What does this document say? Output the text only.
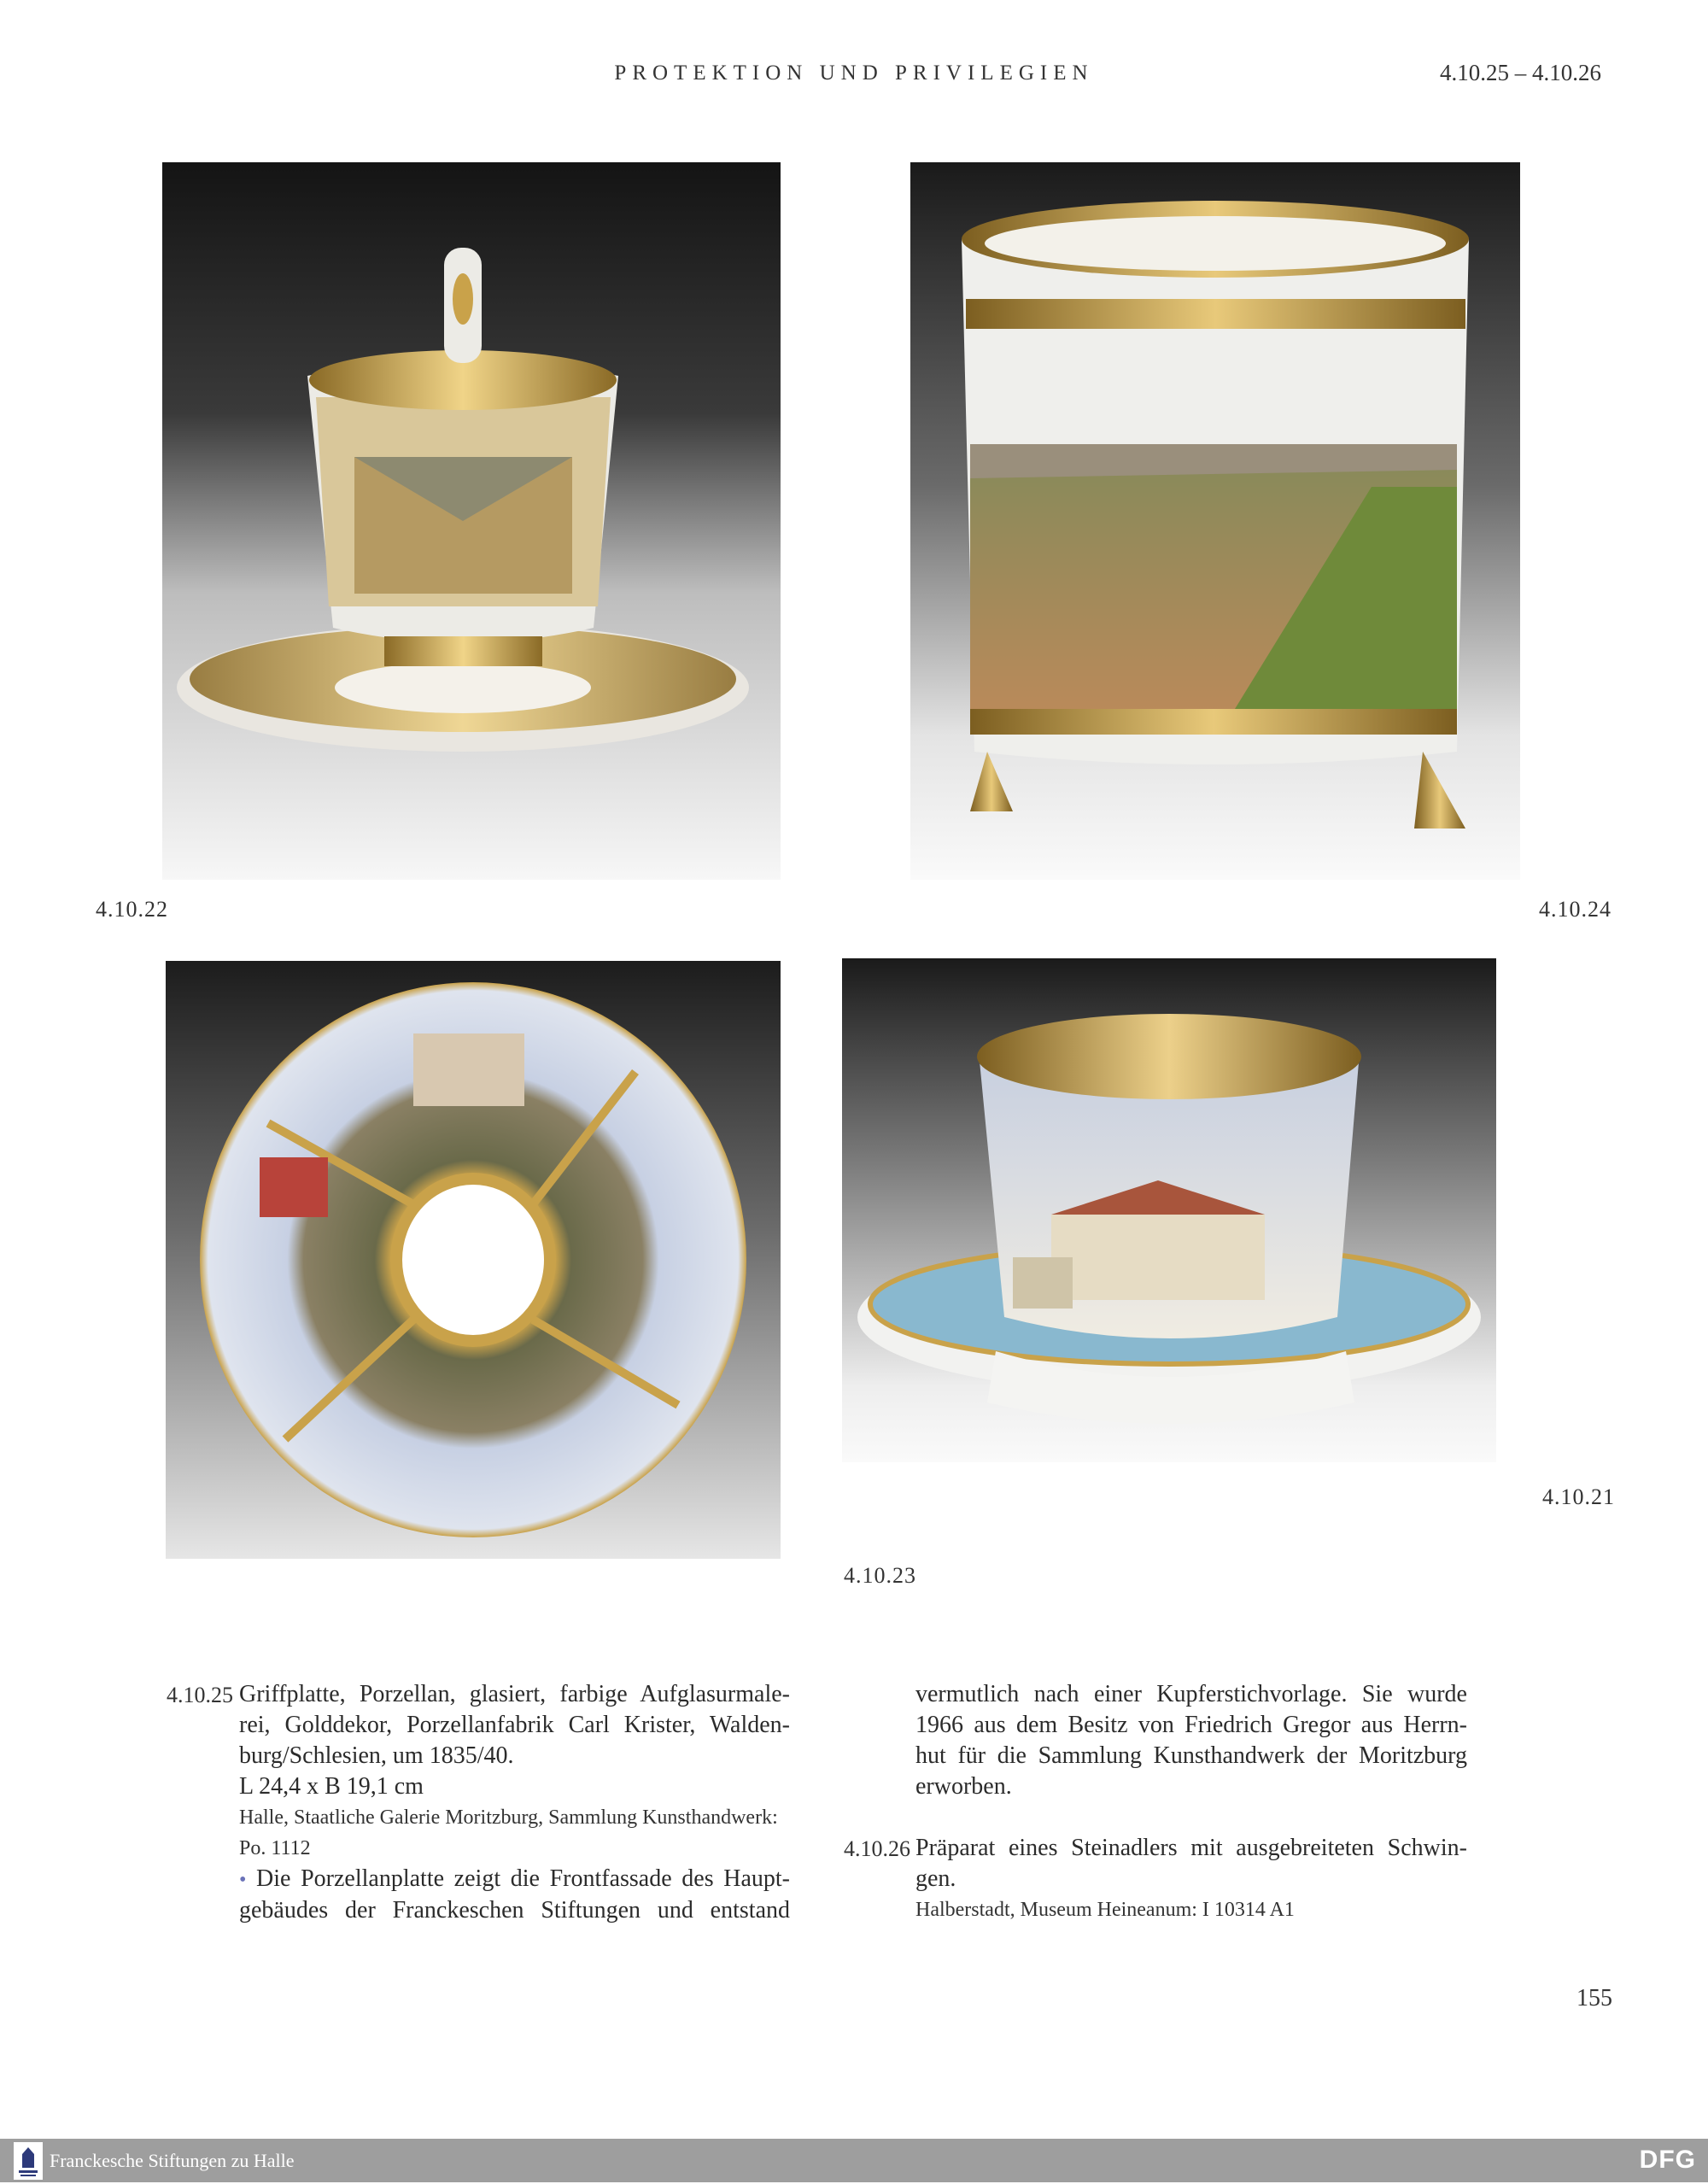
PROTEKTION UND PRIVILEGIEN	4.10.25 – 4.10.26
4.10.22	4.10.24
4.10.21
4.10.23
4.10.25 Griffplatte, Porzellan, glasiert, farbige Aufglasurmale-
rei, Golddekor, Porzellanfabrik Carl Krister, Walden-
burg/Schlesien, um 1835/40.
L 24,4 x B 19,1 cm
Halle, Staatliche Galerie Moritzburg, Sammlung Kunsthandwerk:
Po. 1112
• Die Porzellanplatte zeigt die Frontfassade des Haupt-
gebäudes der Franckeschen Stiftungen und entstand
vermutlich nach einer Kupferstichvorlage. Sie wurde
1966 aus dem Besitz von Friedrich Gregor aus Herrn-
hut für die Sammlung Kunsthandwerk der Moritzburg
erworben.
4.10.26 Präparat eines Steinadlers mit ausgebreiteten Schwin-
gen.
Halberstadt, Museum Heineanum: I 10314 A1
155
Franckesche Stiftungen zu Halle	DFG
